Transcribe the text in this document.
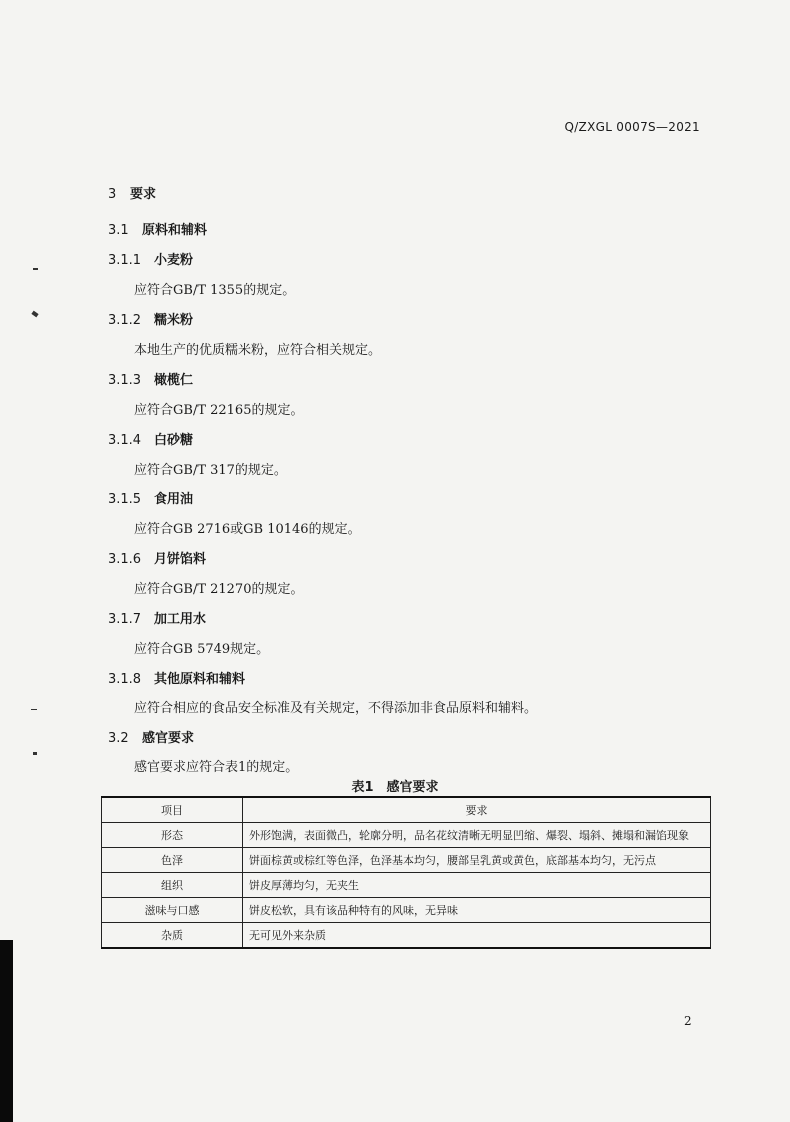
Q/ZXGL 0007S—2021
3 要求
3.1 原料和辅料
3.1.1 小麦粉
应符合GB/T 1355的规定。
3.1.2 糯米粉
本地生产的优质糯米粉，应符合相关规定。
3.1.3 橄榄仁
应符合GB/T 22165的规定。
3.1.4 白砂糖
应符合GB/T 317的规定。
3.1.5 食用油
应符合GB 2716或GB 10146的规定。
3.1.6 月饼馅料
应符合GB/T 21270的规定。
3.1.7 加工用水
应符合GB 5749规定。
3.1.8 其他原料和辅料
应符合相应的食品安全标准及有关规定，不得添加非食品原料和辅料。
3.2 感官要求
感官要求应符合表1的规定。
表1　感官要求
项目	要求
形态	外形饱满，表面微凸，轮廓分明，品名花纹清晰无明显凹缩、爆裂、塌斜、摊塌和漏馅现象
色泽	饼面棕黄或棕红等色泽，色泽基本均匀，腰部呈乳黄或黄色，底部基本均匀，无污点
组织	饼皮厚薄均匀，无夹生
滋味与口感	饼皮松软，具有该品种特有的风味，无异味
杂质	无可见外来杂质
2
